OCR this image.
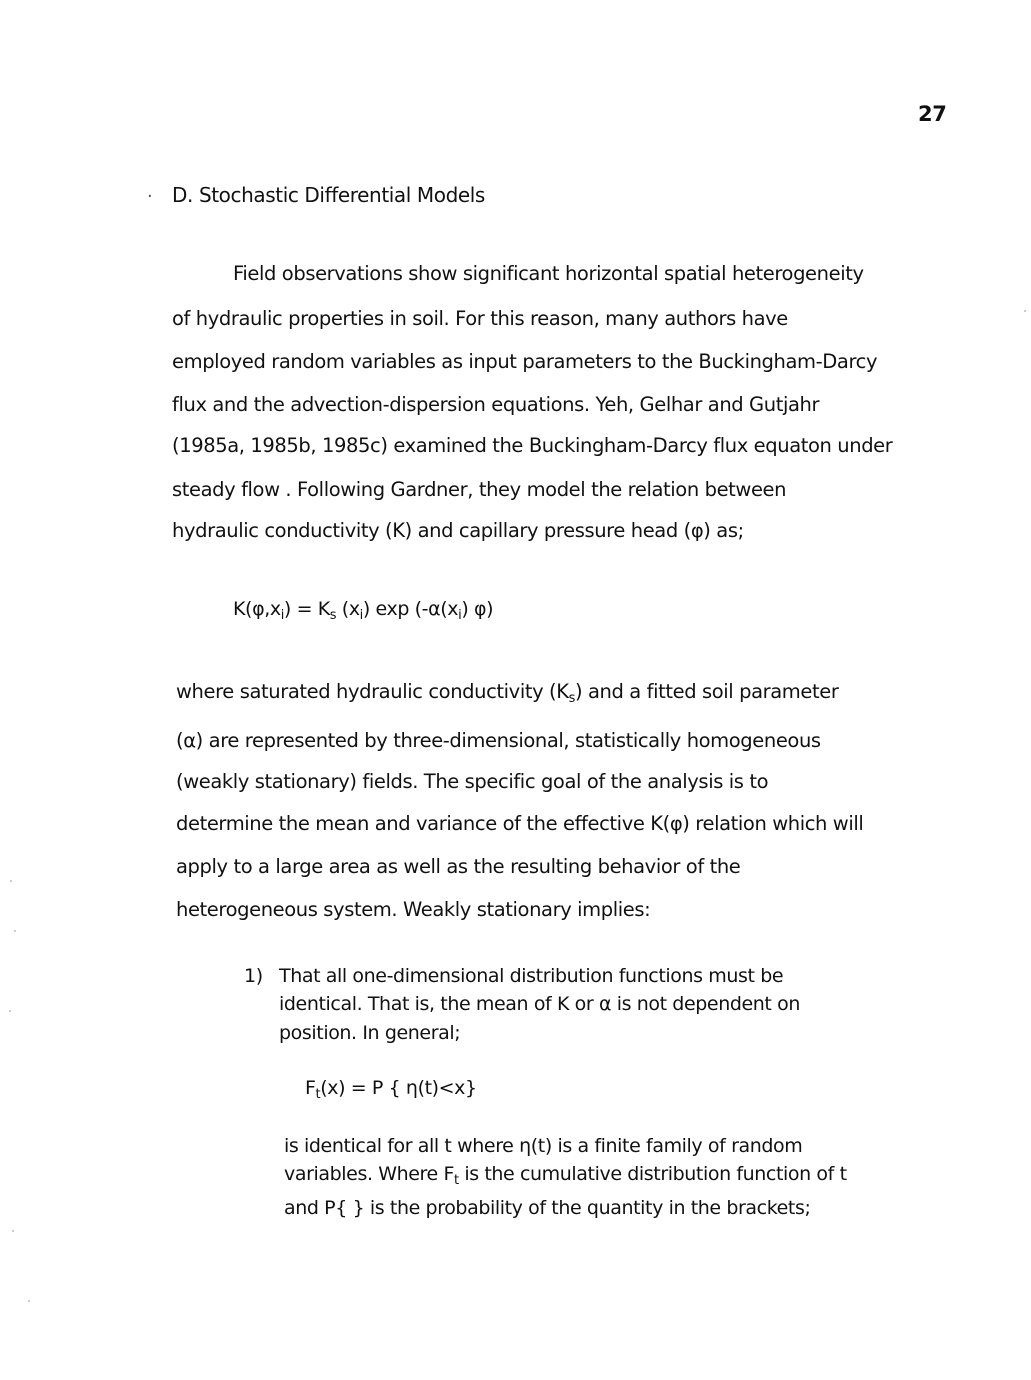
27
· D. Stochastic Differential Models
Field observations show significant horizontal spatial heterogeneity
of hydraulic properties in soil. For this reason, many authors have
employed random variables as input parameters to the Buckingham-Darcy
flux and the advection-dispersion equations. Yeh, Gelhar and Gutjahr
(1985a, 1985b, 1985c) examined the Buckingham-Darcy flux equaton under
steady flow . Following Gardner, they model the relation between
hydraulic conductivity (K) and capillary pressure head (φ) as;
$K(\varphi,x_i) = K_s$ $(x_i)$ $\exp (-\alpha(x_i)$ φ)
where saturated hydraulic conductivity $(K_s)$ and a fitted soil parameter
(α) are represented by three-dimensional, statistically homogeneous
(weakly stationary) fields. The specific goal of the analysis is to
determine the mean and variance of the effective K(φ) relation which will
apply to a large area as well as the resulting behavior of the
heterogeneous system. Weakly stationary implies:
1) That all one-dimensional distribution functions must be
identical. That is, the mean of K or α is not dependent on
position. In general;
$F_t(x) = P$ { η(t)<x}
is identical for all t where η(t) is a finite family of random
variables. Where $F_t$ is the cumulative distribution function of t
and P{ } is the probability of the quantity in the brackets;
